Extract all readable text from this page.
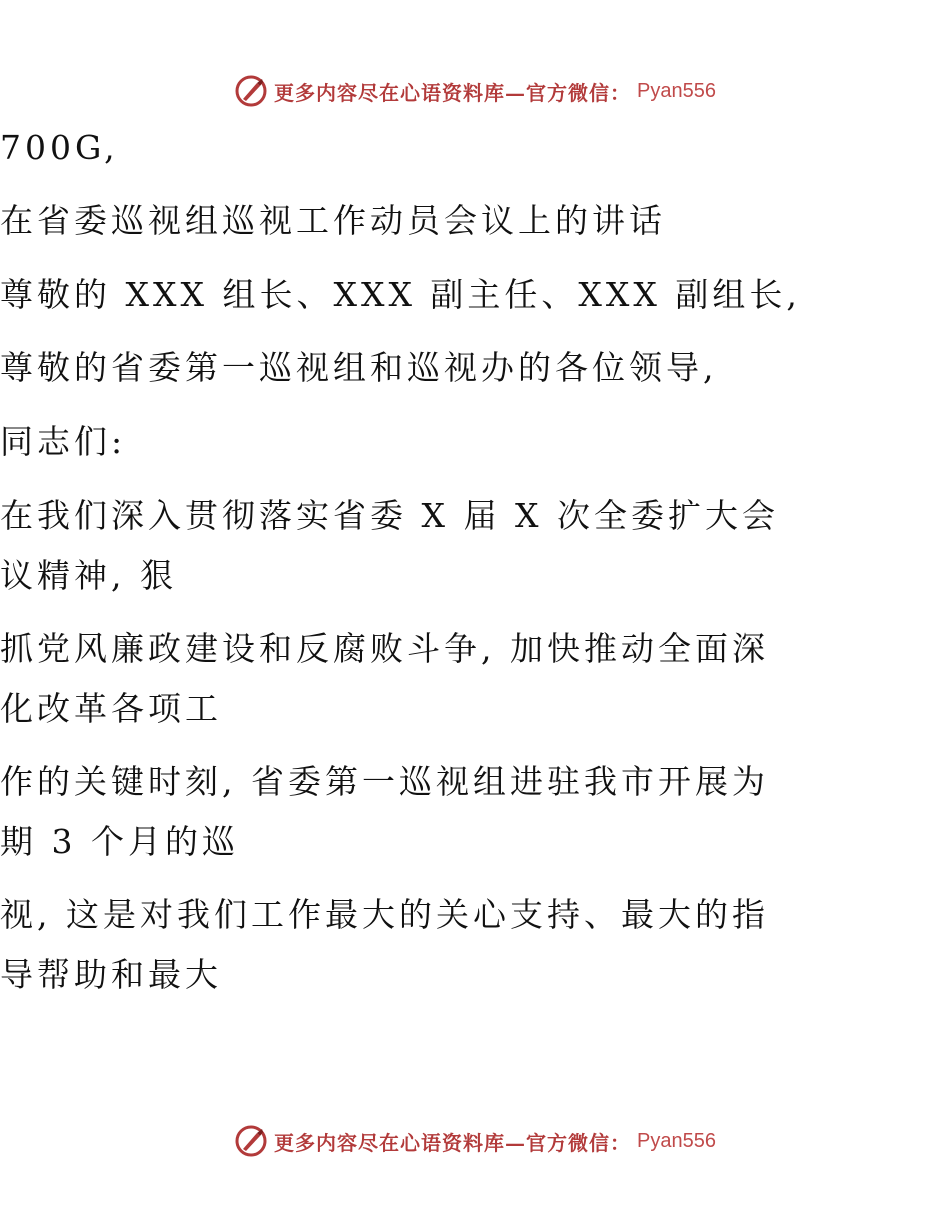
更多内容尽在心语资料库—官方微信： Pyan556
700G,
在省委巡视组巡视工作动员会议上的讲话
尊敬的 XXX 组长、XXX 副主任、XXX 副组长,
尊敬的省委第一巡视组和巡视办的各位领导,
同志们:
在我们深入贯彻落实省委 X 届 X 次全委扩大会
议精神, 狠
抓党风廉政建设和反腐败斗争, 加快推动全面深
化改革各项工
作的关键时刻, 省委第一巡视组进驻我市开展为
期 3 个月的巡
视, 这是对我们工作最大的关心支持、最大的指
导帮助和最大
更多内容尽在心语资料库—官方微信： Pyan556
